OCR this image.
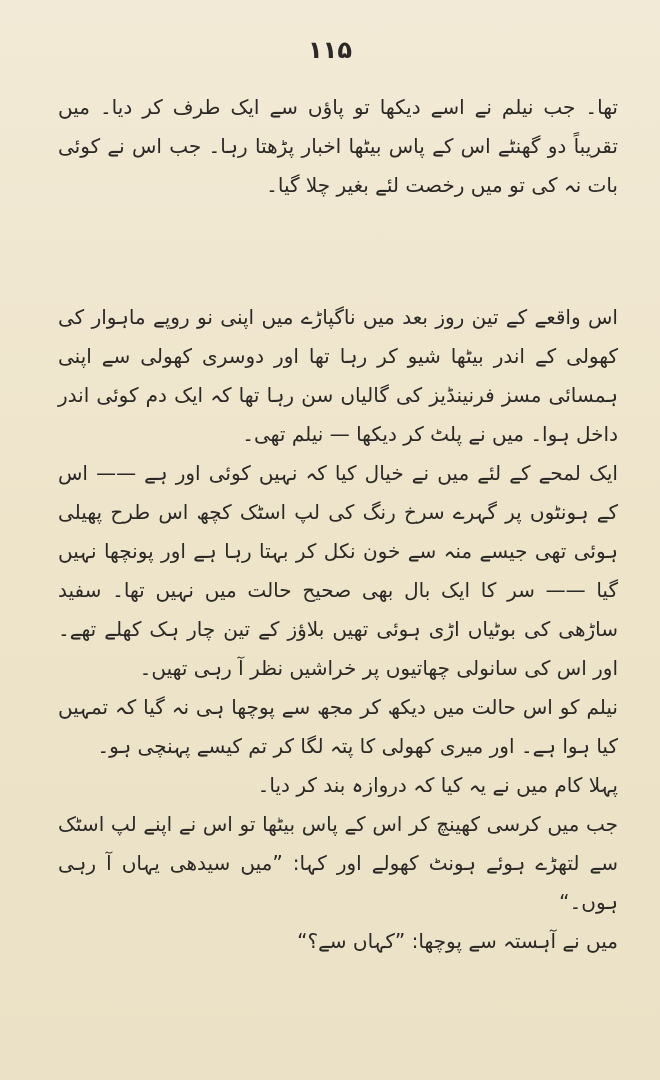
۱۱۵

تھا۔ جب نیلم نے اسے دیکھا تو پاؤں سے ایک طرف کر دیا۔ میں تقریباً دو گھنٹے اس کے پاس بیٹھا اخبار پڑھتا رہا۔ جب اس نے کوئی بات نہ کی تو میں رخصت لئے بغیر چلا گیا۔

اس واقعے کے تین روز بعد میں ناگپاڑے میں اپنی نو روپے ماہوار کی کھولی کے اندر بیٹھا شیو کر رہا تھا اور دوسری کھولی سے اپنی ہمسائی مسز فرنینڈیز کی گالیاں سن رہا تھا کہ ایک دم کوئی اندر داخل ہوا۔ میں نے پلٹ کر دیکھا — نیلم تھی۔

ایک لمحے کے لئے میں نے خیال کیا کہ نہیں کوئی اور ہے —— اس کے ہونٹوں پر گہرے سرخ رنگ کی لپ اسٹک کچھ اس طرح پھیلی ہوئی تھی جیسے منہ سے خون نکل کر بہتا رہا ہے اور پونچھا نہیں گیا —— سر کا ایک بال بھی صحیح حالت میں نہیں تھا۔ سفید ساڑھی کی بوٹیاں اڑی ہوئی تھیں بلاؤز کے تین چار ہک کھلے تھے۔ اور اس کی سانولی چھاتیوں پر خراشیں نظر آ رہی تھیں۔

نیلم کو اس حالت میں دیکھ کر مجھ سے پوچھا ہی نہ گیا کہ تمہیں کیا ہوا ہے۔ اور میری کھولی کا پتہ لگا کر تم کیسے پہنچی ہو۔

پہلا کام میں نے یہ کیا کہ دروازہ بند کر دیا۔

جب میں کرسی کھینچ کر اس کے پاس بیٹھا تو اس نے اپنے لپ اسٹک سے لتھڑے ہوئے ہونٹ کھولے اور کہا: ”میں سیدھی یہاں آ رہی ہوں۔“

میں نے آہستہ سے پوچھا: ”کہاں سے؟“
